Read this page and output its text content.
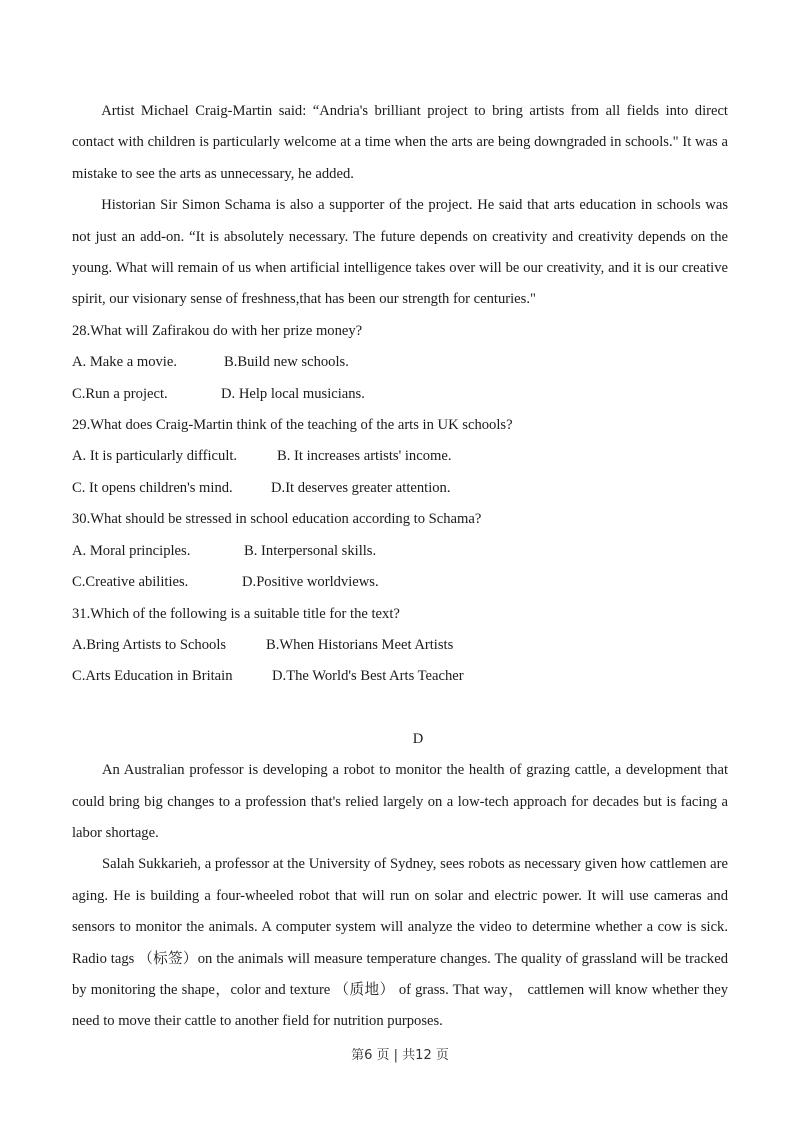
Artist Michael Craig-Martin said: “Andria's brilliant project to bring artists from all fields into direct contact with children is particularly welcome at a time when the arts are being downgraded in schools." It was a mistake to see the arts as unnecessary, he added.

Historian Sir Simon Schama is also a supporter of the project. He said that arts education in schools was not just an add-on. “It is absolutely necessary. The future depends on creativity and creativity depends on the young. What will remain of us when artificial intelligence takes over will be our creativity, and it is our creative spirit, our visionary sense of freshness,that has been our strength for centuries."

28.What will Zafirakou do with her prize money?

A. Make a movie.	B.Build new schools.
C.Run a project.	D. Help local musicians.

29.What does Craig-Martin think of the teaching of the arts in UK schools?

A. It is particularly difficult.	B. It increases artists' income.
C. It opens children's mind.	D.It deserves greater attention.

30.What should be stressed in school education according to Schama?

A. Moral principles.	B. Interpersonal skills.
C.Creative abilities.	D.Positive worldviews.

31.Which of the following is a suitable title for the text?

A.Bring Artists to Schools	B.When Historians Meet Artists
C.Arts Education in Britain	D.The World's Best Arts Teacher
D

An Australian professor is developing a robot to monitor the health of grazing cattle, a development that could bring big changes to a profession that's relied largely on a low-tech approach for decades but is facing a labor shortage.

Salah Sukkarieh, a professor at the University of Sydney, sees robots as necessary given how cattlemen are aging. He is building a four-wheeled robot that will run on solar and electric power. It will use cameras and sensors to monitor the animals. A computer system will analyze the video to determine whether a cow is sick. Radio tags （标签）on the animals will measure temperature changes. The quality of grassland will be tracked by monitoring the shape，color and texture （质地） of grass. That way， cattlemen will know whether they need to move their cattle to another field for nutrition purposes.

第6 页 | 共12 页
